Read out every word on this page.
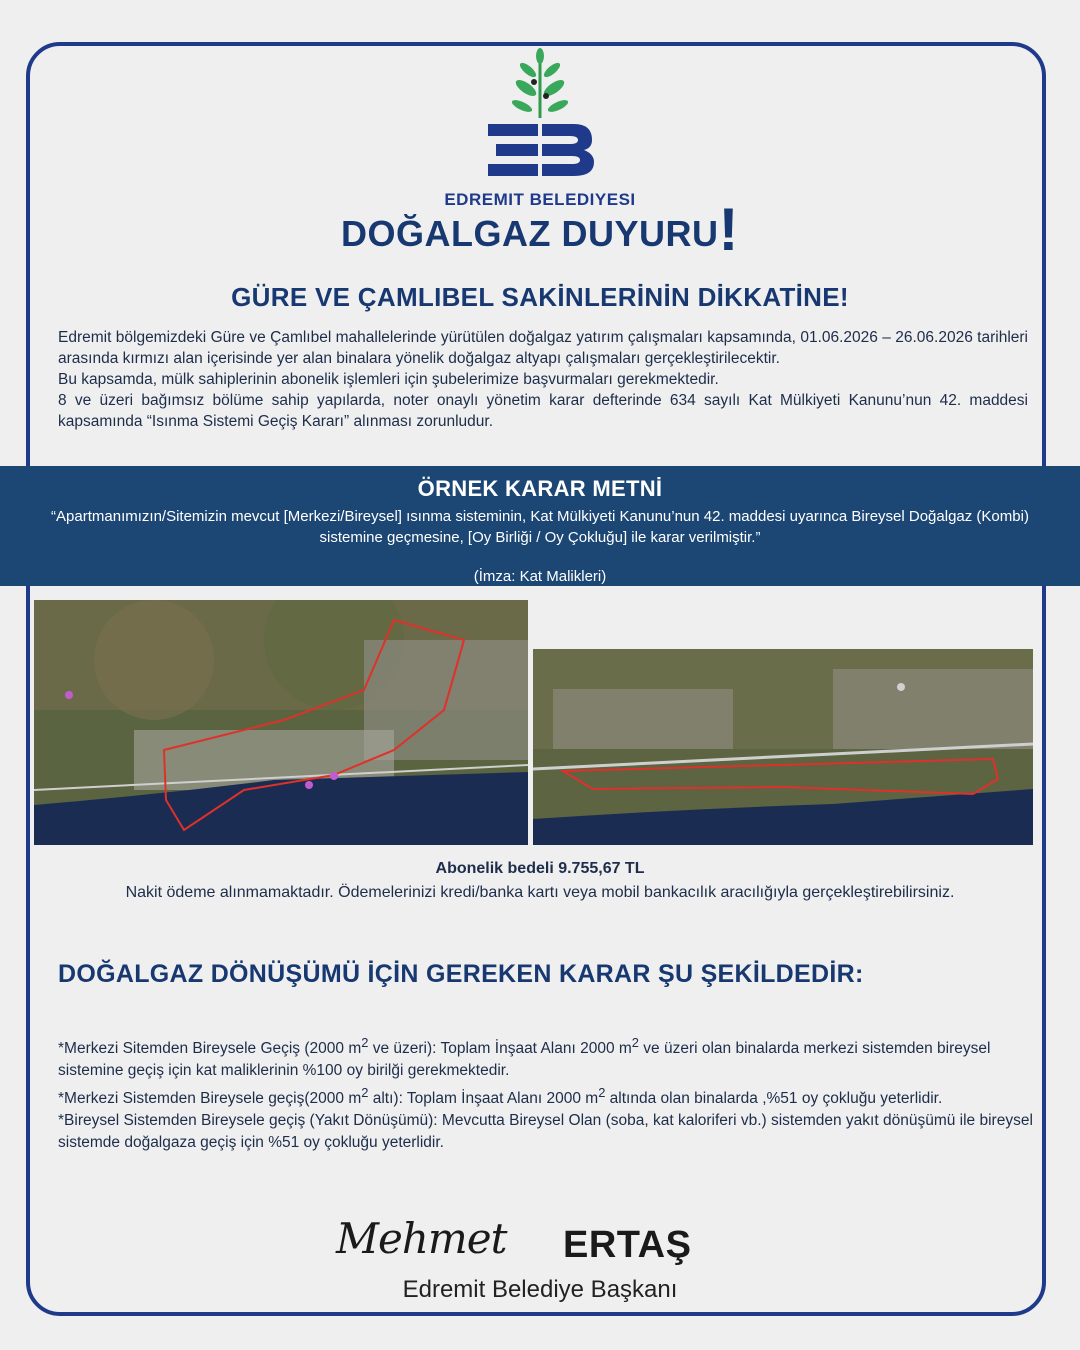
EDREMIT BELEDIYESI
DOĞALGAZ DUYURU!
GÜRE VE ÇAMLIBEL SAKİNLERİNİN DİKKATİNE!

Edremit bölgemizdeki Güre ve Çamlıbel mahallelerinde yürütülen doğalgaz yatırım çalışmaları kapsamında, 01.06.2026 – 26.06.2026 tarihleri arasında kırmızı alan içerisinde yer alan binalara yönelik doğalgaz altyapı çalışmaları gerçekleştirilecektir.

Bu kapsamda, mülk sahiplerinin abonelik işlemleri için şubelerimize başvurmaları gerekmektedir.

8 ve üzeri bağımsız bölüme sahip yapılarda, noter onaylı yönetim karar defterinde 634 sayılı Kat Mülkiyeti Kanunu’nun 42. maddesi kapsamında “Isınma Sistemi Geçiş Kararı” alınması zorunludur.

ÖRNEK KARAR METNİ
“Apartmanımızın/Sitemizin mevcut [Merkezi/Bireysel] ısınma sisteminin, Kat Mülkiyeti Kanunu’nun 42. maddesi uyarınca Bireysel Doğalgaz (Kombi) sistemine geçmesine, [Oy Birliği / Oy Çokluğu] ile karar verilmiştir.”
(İmza: Kat Malikleri)
Abonelik bedeli 9.755,67 TL
Nakit ödeme alınmamaktadır. Ödemelerinizi kredi/banka kartı veya mobil bankacılık aracılığıyla gerçekleştirebilirsiniz.
DOĞALGAZ DÖNÜŞÜMÜ İÇİN GEREKEN KARAR ŞU ŞEKİLDEDİR:

*Merkezi Sitemden Bireysele Geçiş (2000 $m^2$ ve üzeri): Toplam İnşaat Alanı 2000 $m^2$ ve üzeri olan binalarda merkezi sistemden bireysel sistemine geçiş için kat maliklerinin %100 oy birilği gerekmektedir.

*Merkezi Sistemden Bireysele geçiş(2000 $m^2$ altı): Toplam İnşaat Alanı 2000 $m^2$ altında olan binalarda ,%51 oy çokluğu yeterlidir.

*Bireysel Sistemden Bireysele geçiş (Yakıt Dönüşümü): Mevcutta Bireysel Olan (soba, kat kaloriferi vb.) sistemden yakıt dönüşümü ile bireysel sistemde doğalgaza geçiş için %51 oy çokluğu yeterlidir.

Mehmet	ERTAŞ
Edremit Belediye Başkanı
